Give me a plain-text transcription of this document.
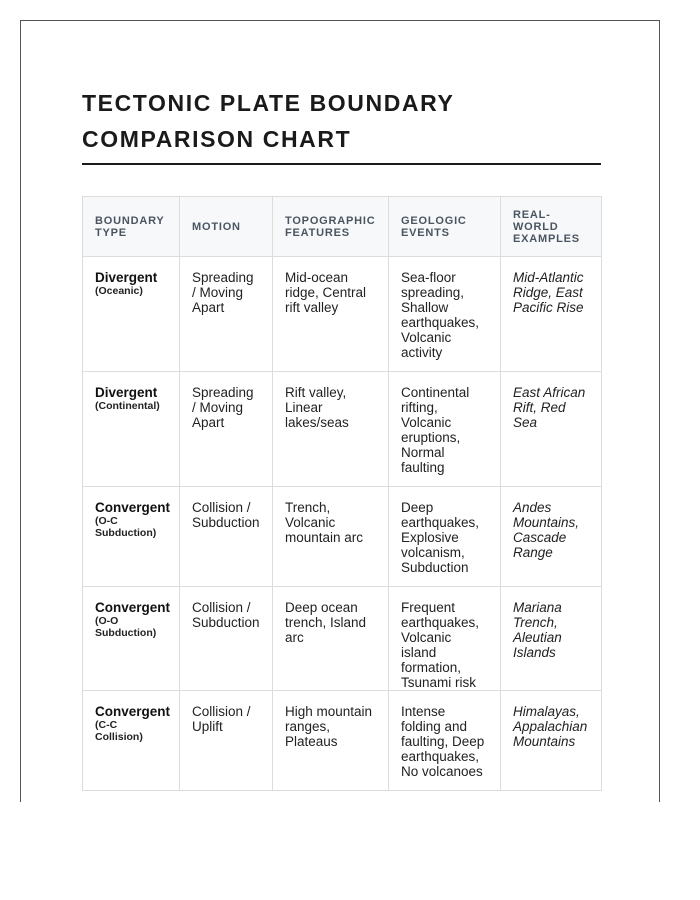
TECTONIC PLATE BOUNDARY
COMPARISON CHART
BOUNDARY TYPE	MOTION	TOPOGRAPHIC FEATURES	GEOLOGIC EVENTS	REAL-WORLD EXAMPLES

Divergent
(Oceanic)	Spreading / Moving Apart	Mid-ocean ridge, Central rift valley	Sea-floor spreading, Shallow earthquakes, Volcanic activity	Mid-Atlantic Ridge, East Pacific Rise

Divergent
(Continental)	Spreading / Moving Apart	Rift valley, Linear lakes/seas	Continental rifting, Volcanic eruptions, Normal faulting	East African Rift, Red Sea

Convergent
(O-C Subduction)	Collision / Subduction	Trench, Volcanic mountain arc	Deep earthquakes, Explosive volcanism, Subduction	Andes Mountains, Cascade Range

Convergent
(O-O Subduction)	Collision / Subduction	Deep ocean trench, Island arc	Frequent earthquakes, Volcanic island formation, Tsunami risk	Mariana Trench, Aleutian Islands

Convergent
(C-C Collision)	Collision / Uplift	High mountain ranges, Plateaus	Intense folding and faulting, Deep earthquakes, No volcanoes	Himalayas, Appalachian Mountains
